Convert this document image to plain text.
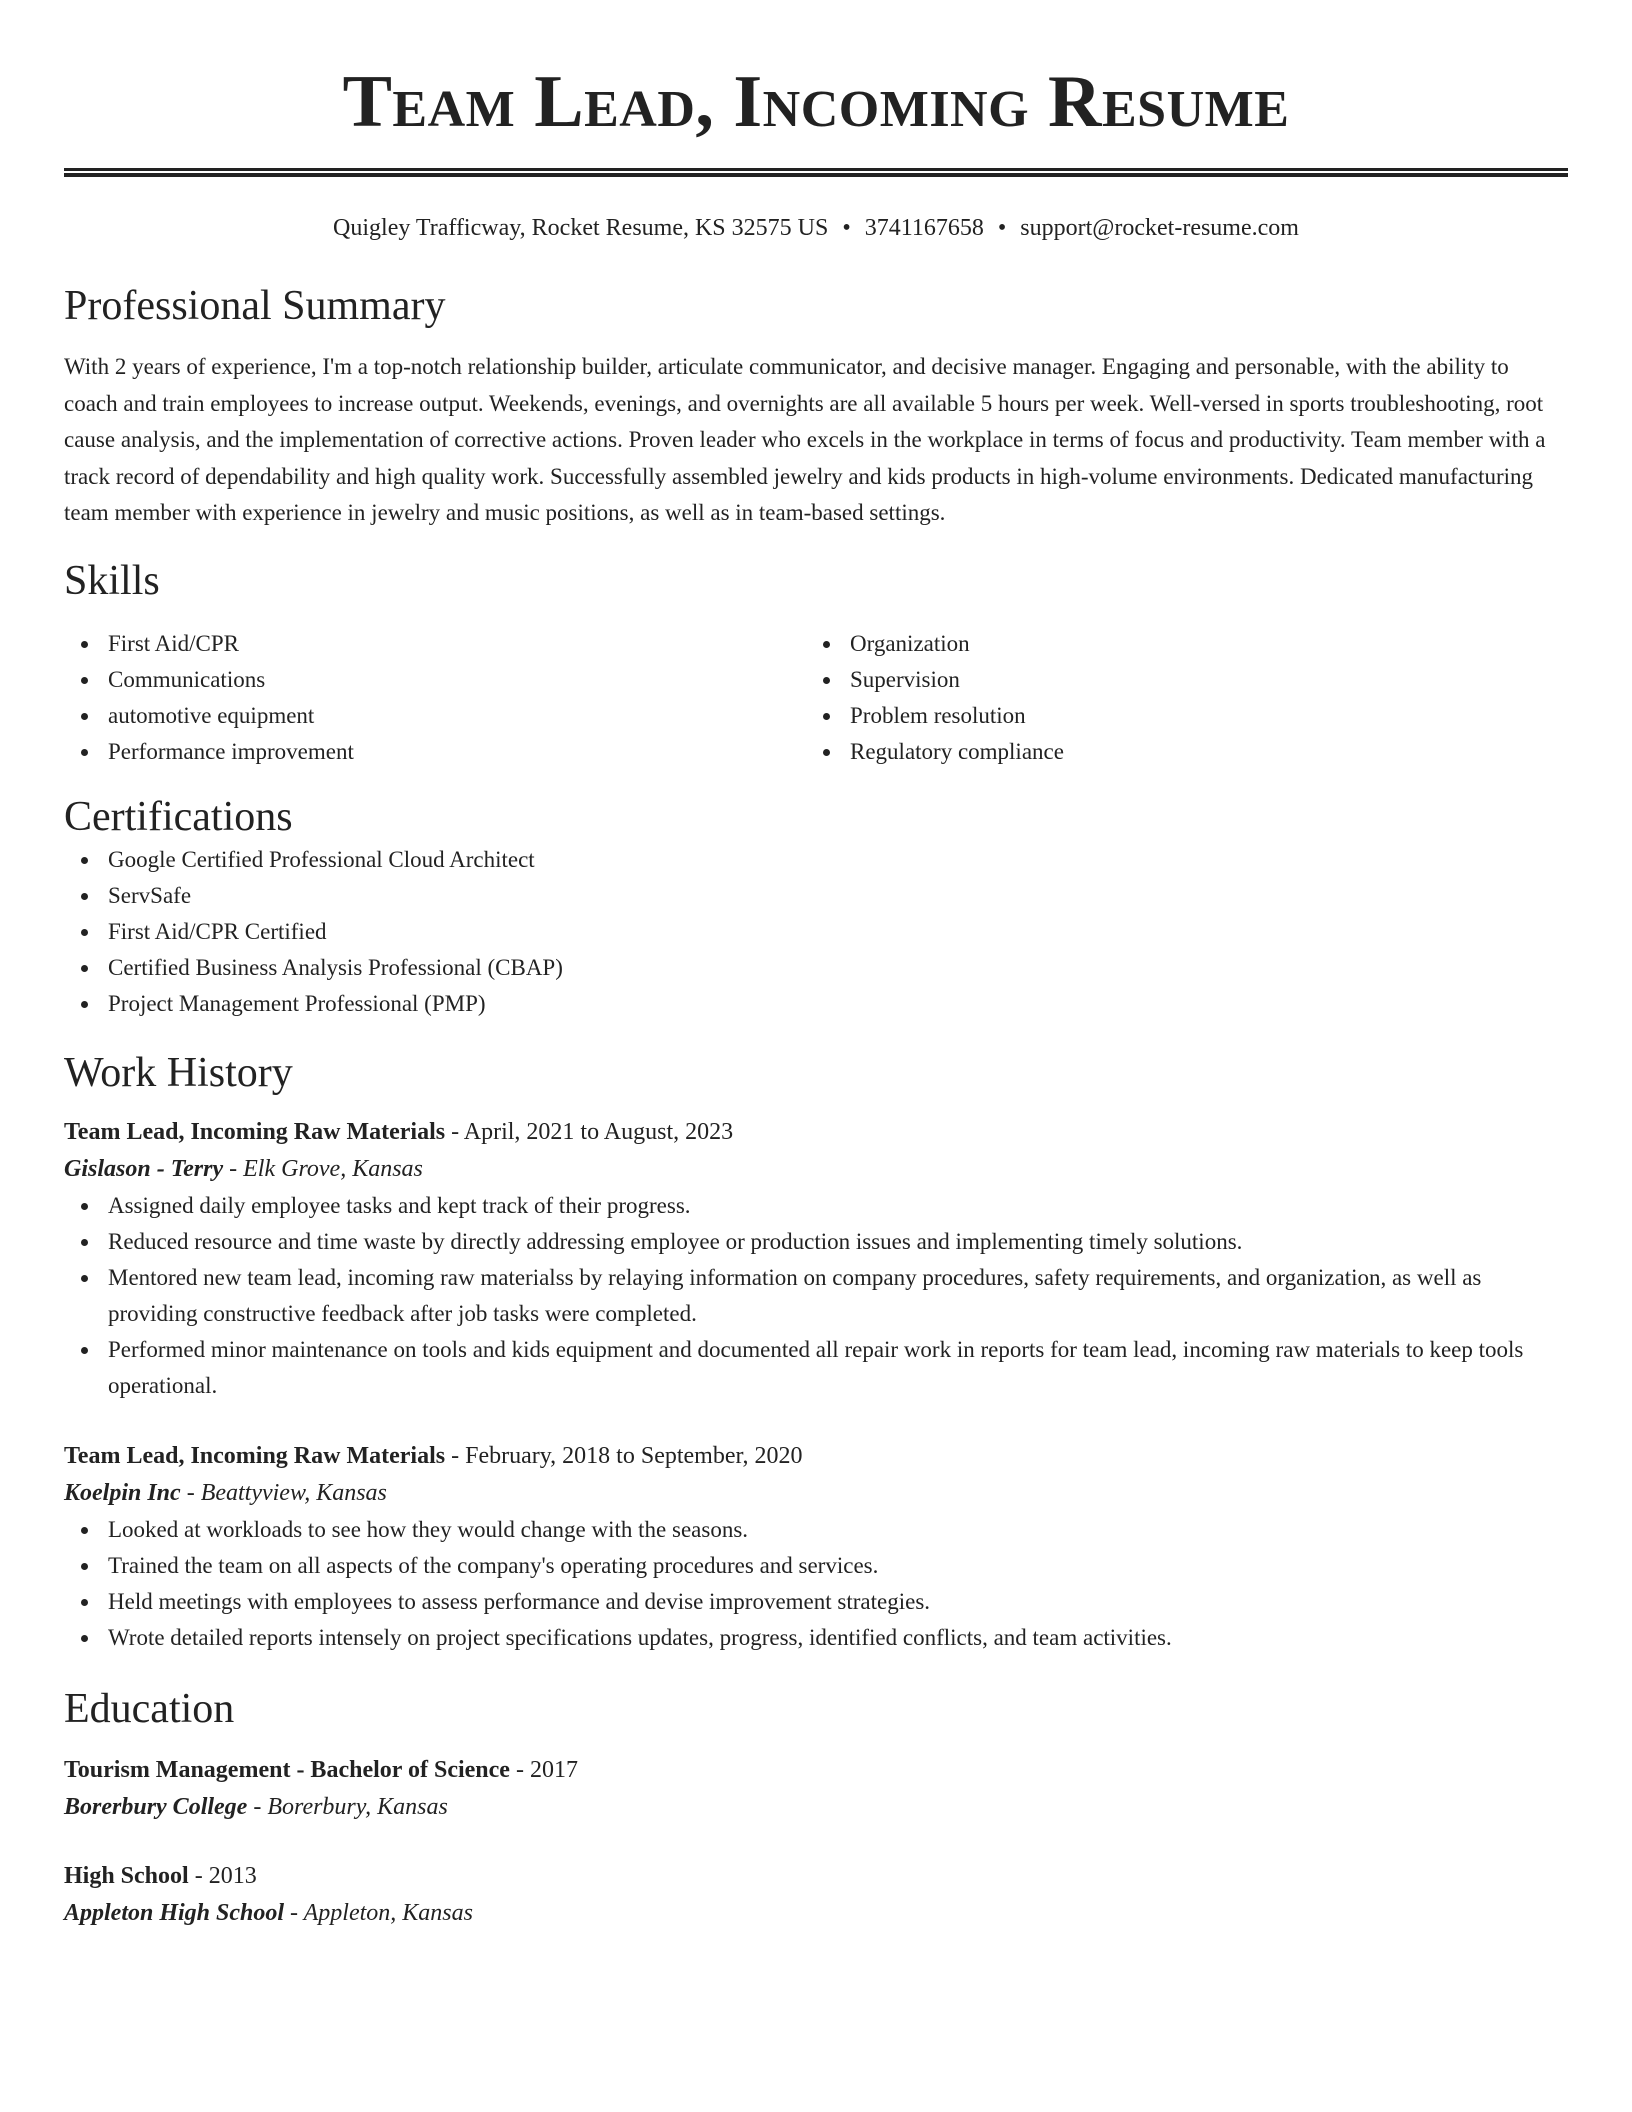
Team Lead, Incoming Resume
Quigley Trafficway, Rocket Resume, KS 32575 US • 3741167658 • support@rocket-resume.com
Professional Summary
With 2 years of experience, I'm a top-notch relationship builder, articulate communicator, and decisive manager. Engaging and personable, with the ability to coach and train employees to increase output. Weekends, evenings, and overnights are all available 5 hours per week. Well-versed in sports troubleshooting, root cause analysis, and the implementation of corrective actions. Proven leader who excels in the workplace in terms of focus and productivity. Team member with a track record of dependability and high quality work. Successfully assembled jewelry and kids products in high-volume environments. Dedicated manufacturing team member with experience in jewelry and music positions, as well as in team-based settings.
Skills
First Aid/CPR
Communications
automotive equipment
Performance improvement
Organization
Supervision
Problem resolution
Regulatory compliance
Certifications
Google Certified Professional Cloud Architect
ServSafe
First Aid/CPR Certified
Certified Business Analysis Professional (CBAP)
Project Management Professional (PMP)
Work History
Team Lead, Incoming Raw Materials - April, 2021 to August, 2023
Gislason - Terry - Elk Grove, Kansas
Assigned daily employee tasks and kept track of their progress.
Reduced resource and time waste by directly addressing employee or production issues and implementing timely solutions.
Mentored new team lead, incoming raw materialss by relaying information on company procedures, safety requirements, and organization, as well as providing constructive feedback after job tasks were completed.
Performed minor maintenance on tools and kids equipment and documented all repair work in reports for team lead, incoming raw materials to keep tools operational.
Team Lead, Incoming Raw Materials - February, 2018 to September, 2020
Koelpin Inc - Beattyview, Kansas
Looked at workloads to see how they would change with the seasons.
Trained the team on all aspects of the company's operating procedures and services.
Held meetings with employees to assess performance and devise improvement strategies.
Wrote detailed reports intensely on project specifications updates, progress, identified conflicts, and team activities.
Education
Tourism Management - Bachelor of Science - 2017
Borerbury College - Borerbury, Kansas
High School - 2013
Appleton High School - Appleton, Kansas
